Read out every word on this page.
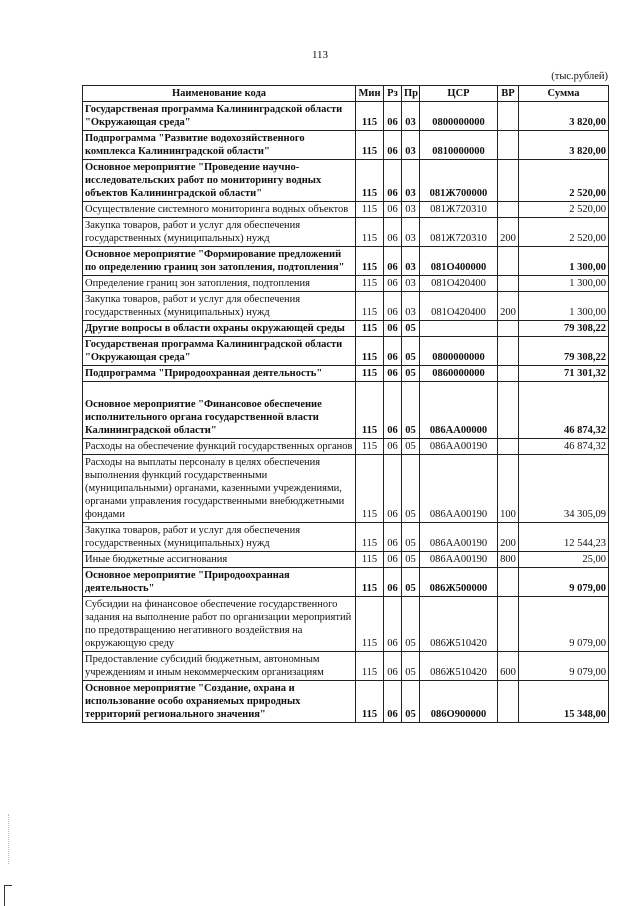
113
(тыс.рублей)
Наименование кода	Мин	Рз	Пр	ЦСР	ВР	Сумма
Государственая программа Калининградской области "Окружающая среда"	115	06	03	0800000000		3 820,00
Подпрограмма "Развитие водохозяйственного комплекса Калининградской области"	115	06	03	0810000000		3 820,00
Основное мероприятие "Проведение научно-исследовательских работ по мониторингу водных объектов Калининградской области"	115	06	03	081Ж700000		2 520,00
Осуществление системного мониторинга водных объектов	115	06	03	081Ж720310		2 520,00
Закупка товаров, работ и услуг для обеспечения государственных (муниципальных) нужд	115	06	03	081Ж720310	200	2 520,00
Основное мероприятие "Формирование предложений по определению границ зон затопления, подтопления"	115	06	03	081О400000		1 300,00
Определение границ зон затопления, подтопления	115	06	03	081О420400		1 300,00
Закупка товаров, работ и услуг для обеспечения государственных (муниципальных) нужд	115	06	03	081О420400	200	1 300,00
Другие вопросы в области охраны окружающей среды	115	06	05			79 308,22
Государственая программа Калининградской области "Окружающая среда"	115	06	05	0800000000		79 308,22
Подпрограмма "Природоохранная деятельность"	115	06	05	0860000000		71 301,32
Основное мероприятие "Финансовое обеспечение исполнительного органа государственной власти Калининградской области"	115	06	05	086АА00000		46 874,32
Расходы на обеспечение функций государственных органов	115	06	05	086АА00190		46 874,32
Расходы на выплаты персоналу в целях обеспечения выполнения функций государственными (муниципальными) органами, казенными учреждениями, органами управления государственными внебюджетными фондами	115	06	05	086АА00190	100	34 305,09
Закупка товаров, работ и услуг для обеспечения государственных (муниципальных) нужд	115	06	05	086АА00190	200	12 544,23
Иные бюджетные ассигнования	115	06	05	086АА00190	800	25,00
Основное мероприятие "Природоохранная деятельность"	115	06	05	086Ж500000		9 079,00
Субсидии на финансовое обеспечение государственного задания на выполнение работ по организации мероприятий по предотвращению негативного воздействия на окружающую среду	115	06	05	086Ж510420		9 079,00
Предоставление субсидий бюджетным, автономным учреждениям и иным некоммерческим организациям	115	06	05	086Ж510420	600	9 079,00
Основное мероприятие "Создание, охрана и использование особо охраняемых природных территорий регионального значения"	115	06	05	086О900000		15 348,00
